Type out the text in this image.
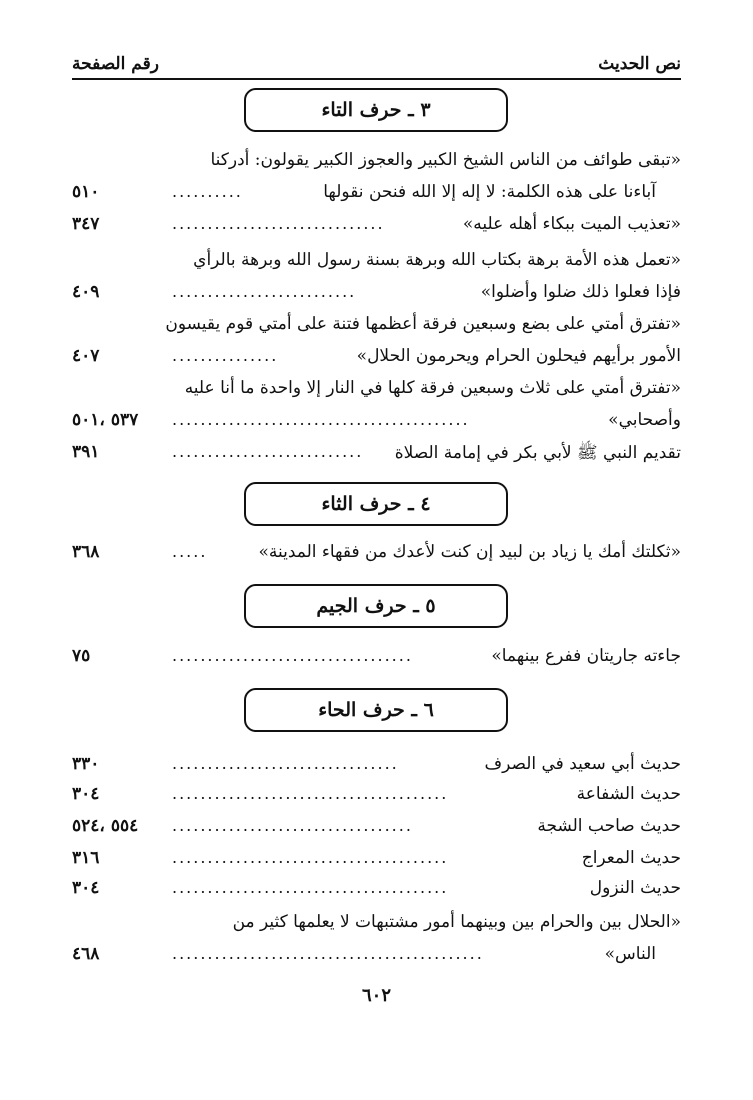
نص الحديث
رقم الصفحة
٣ ـ حرف التاء
«تبقى طوائف من الناس الشيخ الكبير والعجوز الكبير يقولون: أدركنا
آباءنا على هذه الكلمة: لا إله إلا الله فنحن نقولها
..........
٥١٠
«تعذيب الميت ببكاء أهله عليه»
..............................
٣٤٧
«تعمل هذه الأمة برهة بكتاب الله وبرهة بسنة رسول الله وبرهة بالرأي
فإذا فعلوا ذلك ضلوا وأضلوا»
..........................
٤٠٩
«تفترق أمتي على بضع وسبعين فرقة أعظمها فتنة على أمتي قوم يقيسون
الأمور برأيهم فيحلون الحرام ويحرمون الحلال»
...............
٤٠٧
«تفترق أمتي على ثلاث وسبعين فرقة كلها في النار إلا واحدة ما أنا عليه
وأصحابي»
..........................................
٥٣٧ ،٥٠١
تقديم النبي ﷺ لأبي بكر في إمامة الصلاة
...........................
٣٩١
٤ ـ حرف الثاء
«ثكلتك أمك يا زياد بن لبيد إن كنت لأعدك من فقهاء المدينة»
.....
٣٦٨
٥ ـ حرف الجيم
جاءته جاريتان ففرع بينهما»
..................................
٧٥
٦ ـ حرف الحاء
حديث أبي سعيد في الصرف
................................
٣٣٠
حديث الشفاعة
.......................................
٣٠٤
حديث صاحب الشجة
..................................
٥٥٤ ،٥٢٤
حديث المعراج
.......................................
٣١٦
حديث النزول
.......................................
٣٠٤
«الحلال بين والحرام بين وبينهما أمور مشتبهات لا يعلمها كثير من
الناس»
............................................
٤٦٨
٦٠٢
